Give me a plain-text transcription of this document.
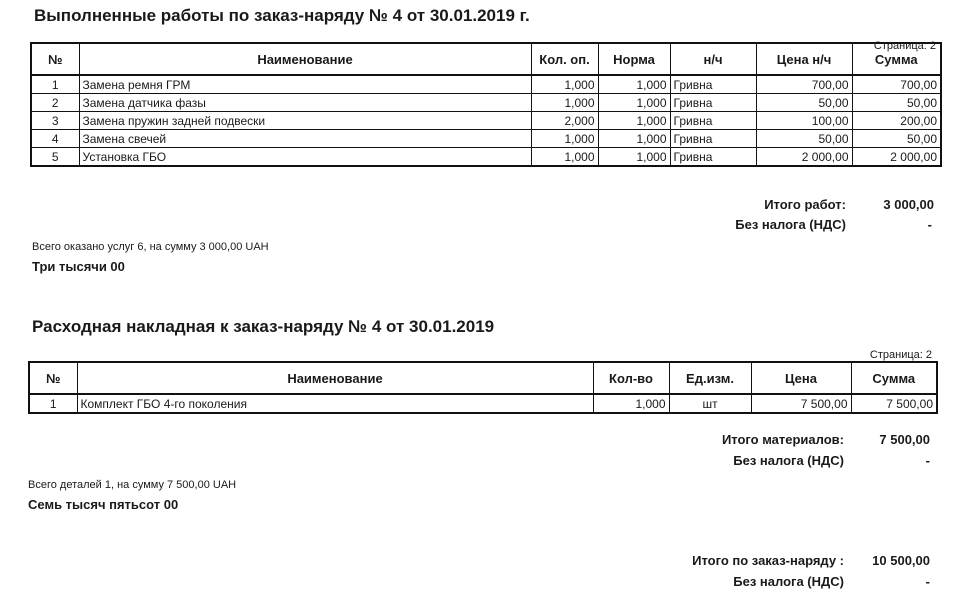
Выполненные работы по заказ-наряду № 4 от 30.01.2019 г.
Страница: 2
№	Наименование	Кол. оп.	Норма	н/ч	Цена н/ч	Сумма
1	Замена ремня ГРМ	1,000	1,000	Гривна	700,00	700,00
2	Замена датчика фазы	1,000	1,000	Гривна	50,00	50,00
3	Замена пружин задней подвески	2,000	1,000	Гривна	100,00	200,00
4	Замена свечей	1,000	1,000	Гривна	50,00	50,00
5	Установка ГБО	1,000	1,000	Гривна	2 000,00	2 000,00
Итого работ:	3 000,00
Без налога (НДС)	-
Всего оказано услуг 6, на сумму 3 000,00 UAH
Три тысячи 00
Расходная накладная к заказ-наряду № 4 от 30.01.2019
Страница: 2
№	Наименование	Кол-во	Ед.изм.	Цена	Сумма
1	Комплект ГБО 4-го поколения	1,000	шт	7 500,00	7 500,00
Итого материалов:	7 500,00
Без налога (НДС)	-
Всего деталей 1, на сумму 7 500,00 UAH
Семь тысяч пятьсот 00
Итого по заказ-наряду : 10 500,00
Без налога (НДС)	-
